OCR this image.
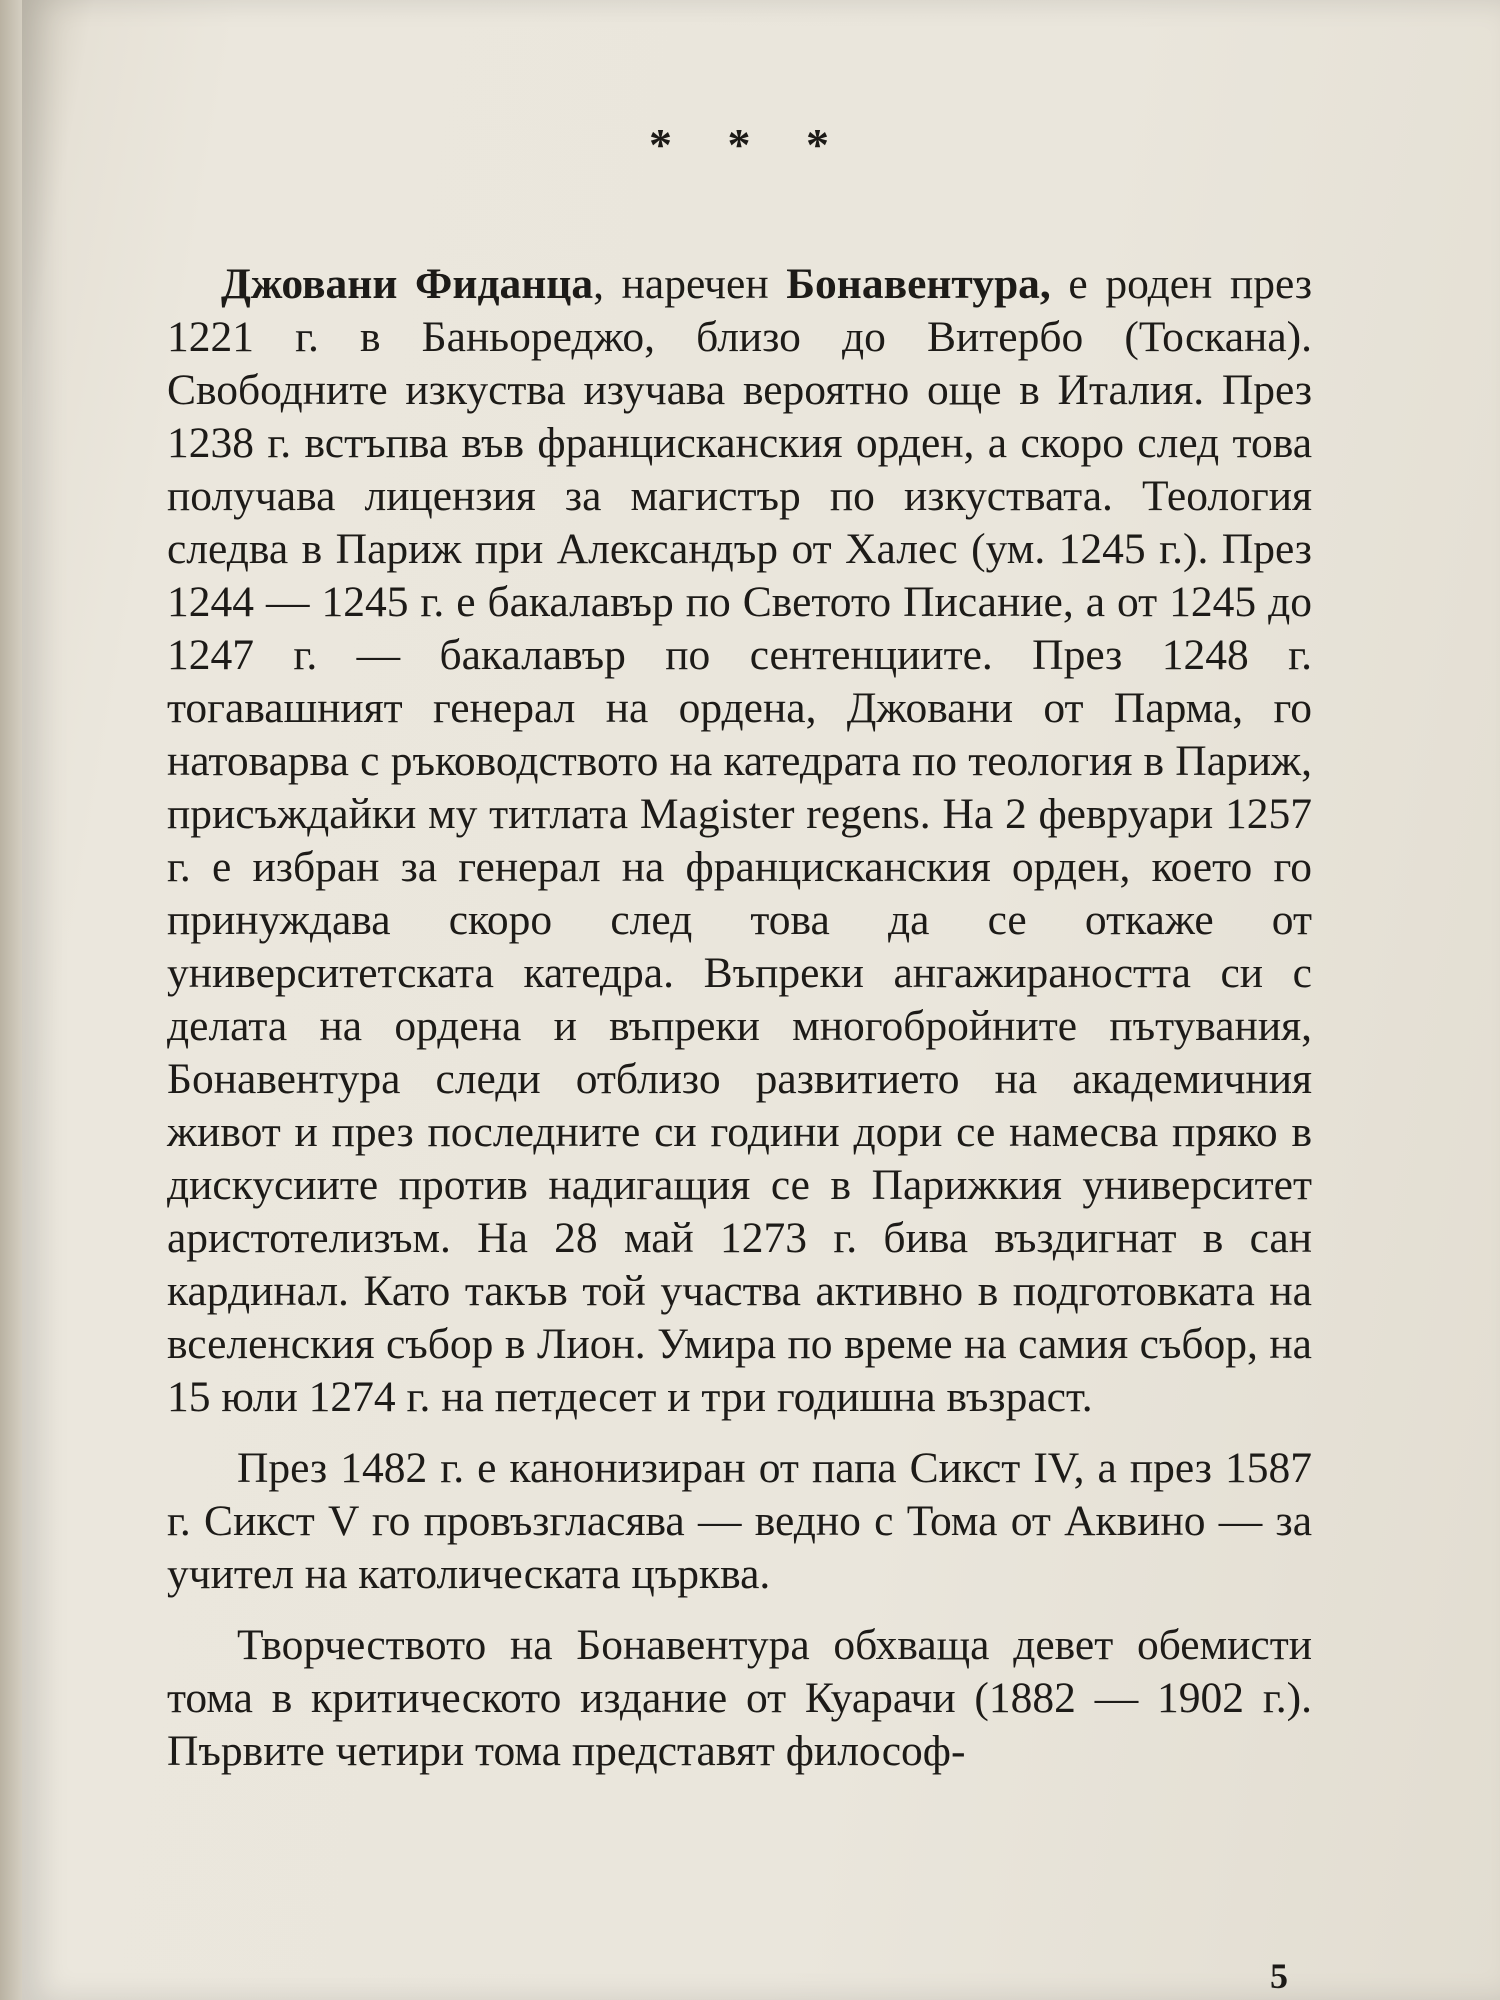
* * *

Джовани Фиданца, наречен Бонавентура, е роден през 1221 г. в Баньореджо, близо до Витербо (Тоскана). Свободните изкуства изучава вероятно още в Италия. През 1238 г. встъпва във францисканския орден, а скоро след това получава лицензия за магистър по изкуствата. Теология следва в Париж при Александър от Халес (ум. 1245 г.). През 1244 — 1245 г. е бакалавър по Светото Писание, а от 1245 до 1247 г. — бакалавър по сентенциите. През 1248 г. тогавашният генерал на ордена, Джовани от Парма, го натоварва с ръководството на катедрата по теология в Париж, присъждайки му титлата Magister regens. На 2 февруари 1257 г. е избран за генерал на францисканския орден, което го принуждава скоро след това да се откаже от университетската катедра. Въпреки ангажираността си с делата на ордена и въпреки многобройните пътувания, Бонавентура следи отблизо развитието на академичния живот и през последните си години дори се намесва пряко в дискусиите против надигащия се в Парижкия университет аристотелизъм. На 28 май 1273 г. бива въздигнат в сан кардинал. Като такъв той участва активно в подготовката на вселенския събор в Лион. Умира по време на самия събор, на 15 юли 1274 г. на петдесет и три годишна възраст.

През 1482 г. е канонизиран от папа Сикст IV, а през 1587 г. Сикст V го провъзгласява — ведно с Тома от Аквино — за учител на католическата църква.

Творчеството на Бонавентура обхваща девет обемисти тома в критическото издание от Куарачи (1882 — 1902 г.). Първите четири тома представят философ-

5
